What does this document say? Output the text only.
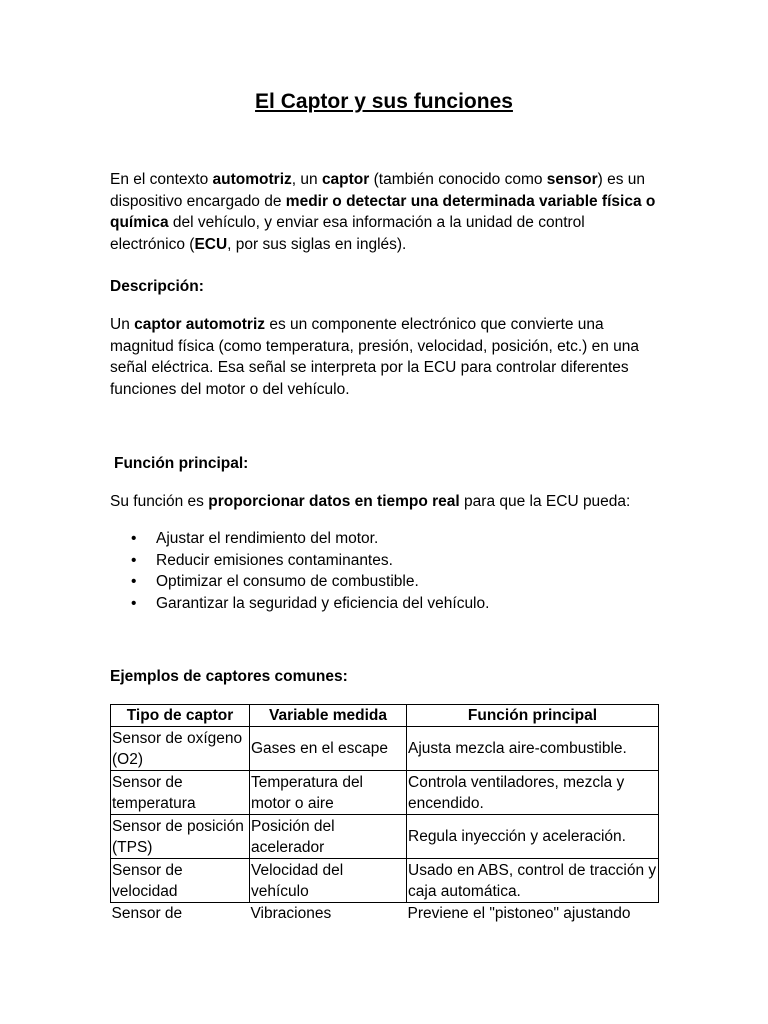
El Captor y sus funciones

En el contexto automotriz, un captor (también conocido como sensor) es un dispositivo encargado de medir o detectar una determinada variable física o química del vehículo, y enviar esa información a la unidad de control electrónico (ECU, por sus siglas en inglés).

Descripción:

Un captor automotriz es un componente electrónico que convierte una magnitud física (como temperatura, presión, velocidad, posición, etc.) en una señal eléctrica. Esa señal se interpreta por la ECU para controlar diferentes funciones del motor o del vehículo.

Función principal:

Su función es proporcionar datos en tiempo real para que la ECU pueda:

• Ajustar el rendimiento del motor.
• Reducir emisiones contaminantes.
• Optimizar el consumo de combustible.
• Garantizar la seguridad y eficiencia del vehículo.
Ejemplos de captores comunes:
Tipo de captor	Variable medida	Función principal
Sensor de oxígeno (O2)	Gases en el escape	Ajusta mezcla aire-combustible.
Sensor de temperatura	Temperatura del motor o aire	Controla ventiladores, mezcla y encendido.
Sensor de posición (TPS)	Posición del acelerador	Regula inyección y aceleración.
Sensor de velocidad	Velocidad del vehículo	Usado en ABS, control de tracción y caja automática.
Sensor de	Vibraciones	Previene el "pistoneo" ajustando
